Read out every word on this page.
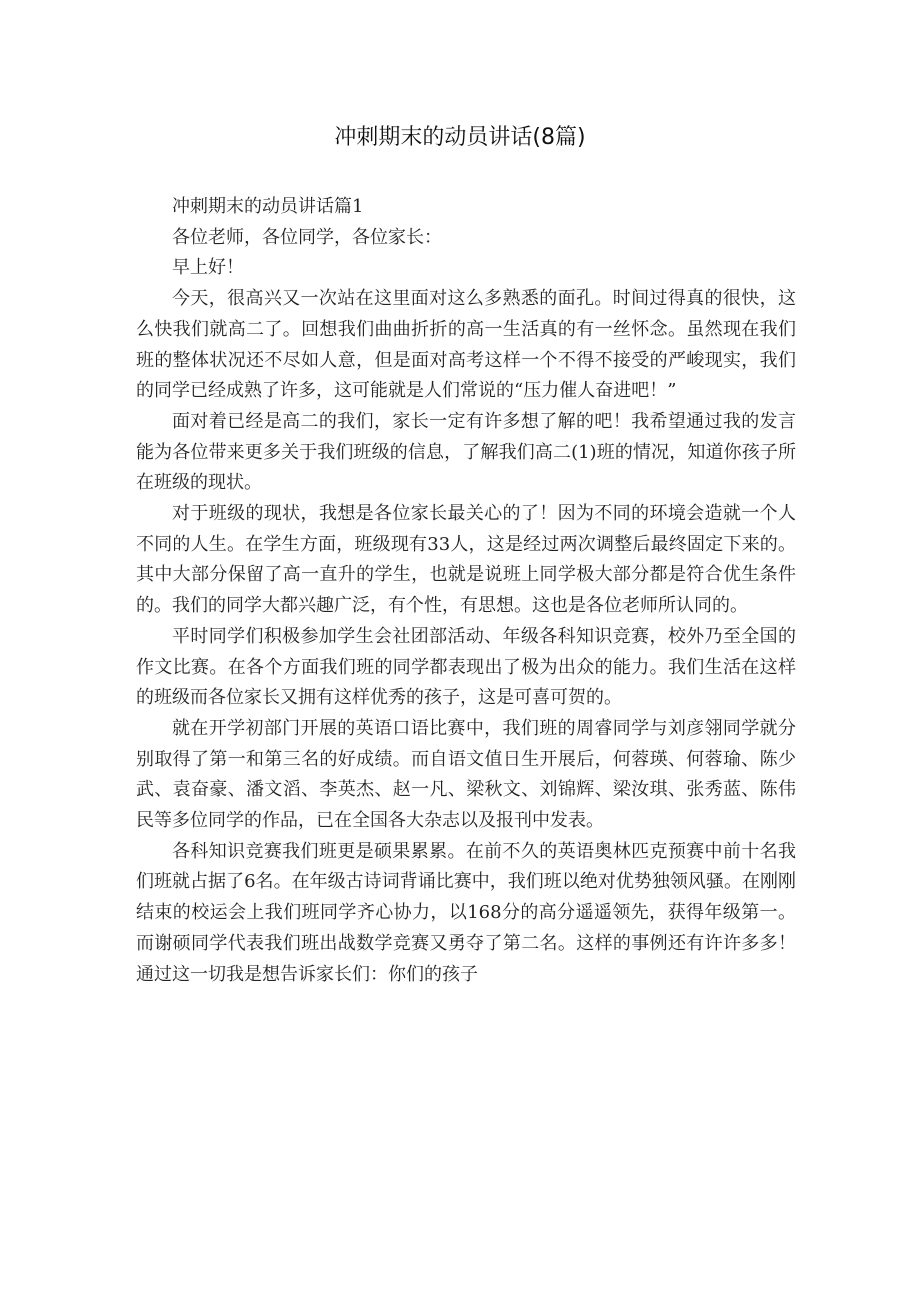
冲刺期末的动员讲话(8篇)

冲刺期末的动员讲话篇1

各位老师，各位同学，各位家长：

早上好！

今天，很高兴又一次站在这里面对这么多熟悉的面孔。时间过得真的很快，这么快我们就高二了。回想我们曲曲折折的高一生活真的有一丝怀念。虽然现在我们班的整体状况还不尽如人意，但是面对高考这样一个不得不接受的严峻现实，我们的同学已经成熟了许多，这可能就是人们常说的“压力催人奋进吧！”

面对着已经是高二的我们，家长一定有许多想了解的吧！我希望通过我的发言能为各位带来更多关于我们班级的信息，了解我们高二(1)班的情况，知道你孩子所在班级的现状。

对于班级的现状，我想是各位家长最关心的了！因为不同的环境会造就一个人不同的人生。在学生方面，班级现有33人，这是经过两次调整后最终固定下来的。其中大部分保留了高一直升的学生，也就是说班上同学极大部分都是符合优生条件的。我们的同学大都兴趣广泛，有个性，有思想。这也是各位老师所认同的。

平时同学们积极参加学生会社团部活动、年级各科知识竞赛，校外乃至全国的作文比赛。在各个方面我们班的同学都表现出了极为出众的能力。我们生活在这样的班级而各位家长又拥有这样优秀的孩子，这是可喜可贺的。

就在开学初部门开展的英语口语比赛中，我们班的周睿同学与刘彦翎同学就分别取得了第一和第三名的好成绩。而自语文值日生开展后，何蓉瑛、何蓉瑜、陈少武、袁奋豪、潘文滔、李英杰、赵一凡、梁秋文、刘锦辉、梁汝琪、张秀蓝、陈伟民等多位同学的作品，已在全国各大杂志以及报刊中发表。

各科知识竞赛我们班更是硕果累累。在前不久的英语奥林匹克预赛中前十名我们班就占据了6名。在年级古诗词背诵比赛中，我们班以绝对优势独领风骚。在刚刚结束的校运会上我们班同学齐心协力，以168分的高分遥遥领先，获得年级第一。而谢硕同学代表我们班出战数学竞赛又勇夺了第二名。这样的事例还有许许多多！通过这一切我是想告诉家长们：你们的孩子
